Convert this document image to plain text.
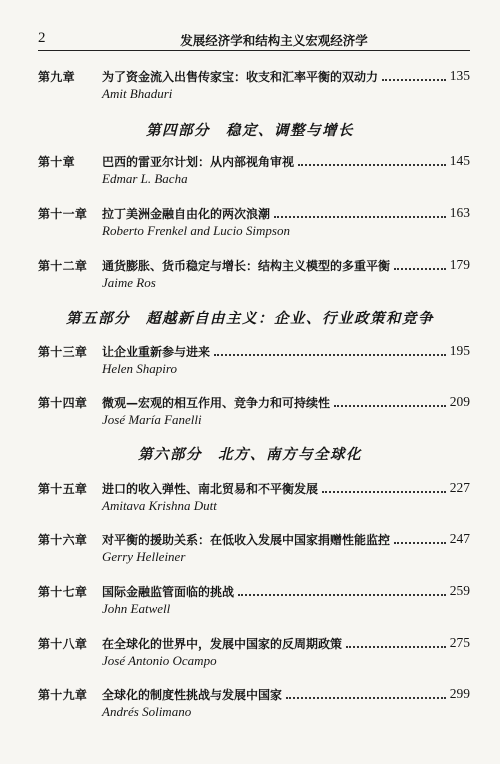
2	发展经济学和结构主义宏观经济学
第九章 为了资金流入出售传家宝：收支和汇率平衡的双动力	135
Amit Bhaduri
第四部分　稳定、调整与增长
第十章 巴西的雷亚尔计划：从内部视角审视	145
Edmar L. Bacha
第十一章 拉丁美洲金融自由化的两次浪潮	163
Roberto Frenkel and Lucio Simpson
第十二章 通货膨胀、货币稳定与增长：结构主义模型的多重平衡	179
Jaime Ros
第五部分　超越新自由主义：企业、行业政策和竞争
第十三章 让企业重新参与进来	195
Helen Shapiro
第十四章 微观—宏观的相互作用、竞争力和可持续性	209
José María Fanelli
第六部分　北方、南方与全球化
第十五章 进口的收入弹性、南北贸易和不平衡发展	227
Amitava Krishna Dutt
第十六章 对平衡的援助关系：在低收入发展中国家捐赠性能监控	247
Gerry Helleiner
第十七章 国际金融监管面临的挑战	259
John Eatwell
第十八章 在全球化的世界中，发展中国家的反周期政策	275
José Antonio Ocampo
第十九章 全球化的制度性挑战与发展中国家	299
Andrés Solimano
